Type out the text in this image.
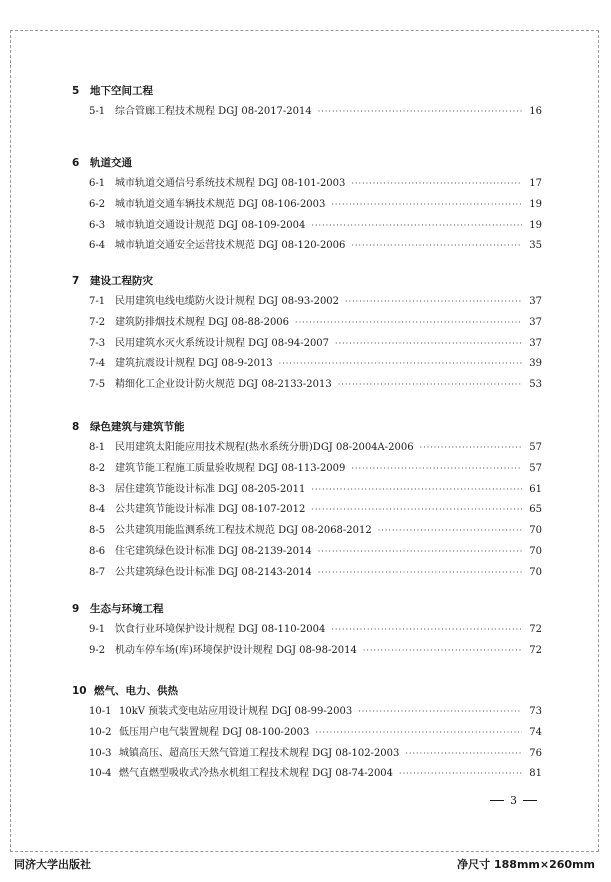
5	地下空间工程
5-1 综合管廊工程技术规程 DGJ 08-2017-2014 ·····	16
6	轨道交通
6-1 城市轨道交通信号系统技术规程 DGJ 08-101-2003 ·····	17
6-2 城市轨道交通车辆技术规范 DGJ 08-106-2003 ·····	19
6-3 城市轨道交通设计规范 DGJ 08-109-2004 ·····	19
6-4 城市轨道交通安全运营技术规范 DGJ 08-120-2006 ·····	35
7	建设工程防灾
7-1 民用建筑电线电缆防火设计规程 DGJ 08-93-2002 ·····	37
7-2 建筑防排烟技术规程 DGJ 08-88-2006 ·····	37
7-3 民用建筑水灭火系统设计规程 DGJ 08-94-2007 ·····	37
7-4 建筑抗震设计规程 DGJ 08-9-2013 ·····	39
7-5 精细化工企业设计防火规范 DGJ 08-2133-2013 ·····	53
8	绿色建筑与建筑节能
8-1 民用建筑太阳能应用技术规程(热水系统分册)DGJ 08-2004A-2006 ·····	57
8-2 建筑节能工程施工质量验收规程 DGJ 08-113-2009 ·····	57
8-3 居住建筑节能设计标准 DGJ 08-205-2011 ·····	61
8-4 公共建筑节能设计标准 DGJ 08-107-2012 ·····	65
8-5 公共建筑用能监测系统工程技术规范 DGJ 08-2068-2012 ·····	70
8-6 住宅建筑绿色设计标准 DGJ 08-2139-2014 ·····	70
8-7 公共建筑绿色设计标准 DGJ 08-2143-2014 ·····	70
9	生态与环境工程
9-1 饮食行业环境保护设计规程 DGJ 08-110-2004 ·····	72
9-2 机动车停车场(库)环境保护设计规程 DGJ 08-98-2014 ·····	72
10 燃气、电力、供热
10-1 10kV 预装式变电站应用设计规程 DGJ 08-99-2003 ·····	73
10-2 低压用户电气装置规程 DGJ 08-100-2003 ·····	74
10-3 城镇高压、超高压天然气管道工程技术规程 DGJ 08-102-2003 ·····	76
10-4 燃气直燃型吸收式冷热水机组工程技术规程 DGJ 08-74-2004 ·····	81
3
同济大学出版社	净尺寸 188mm×260mm
